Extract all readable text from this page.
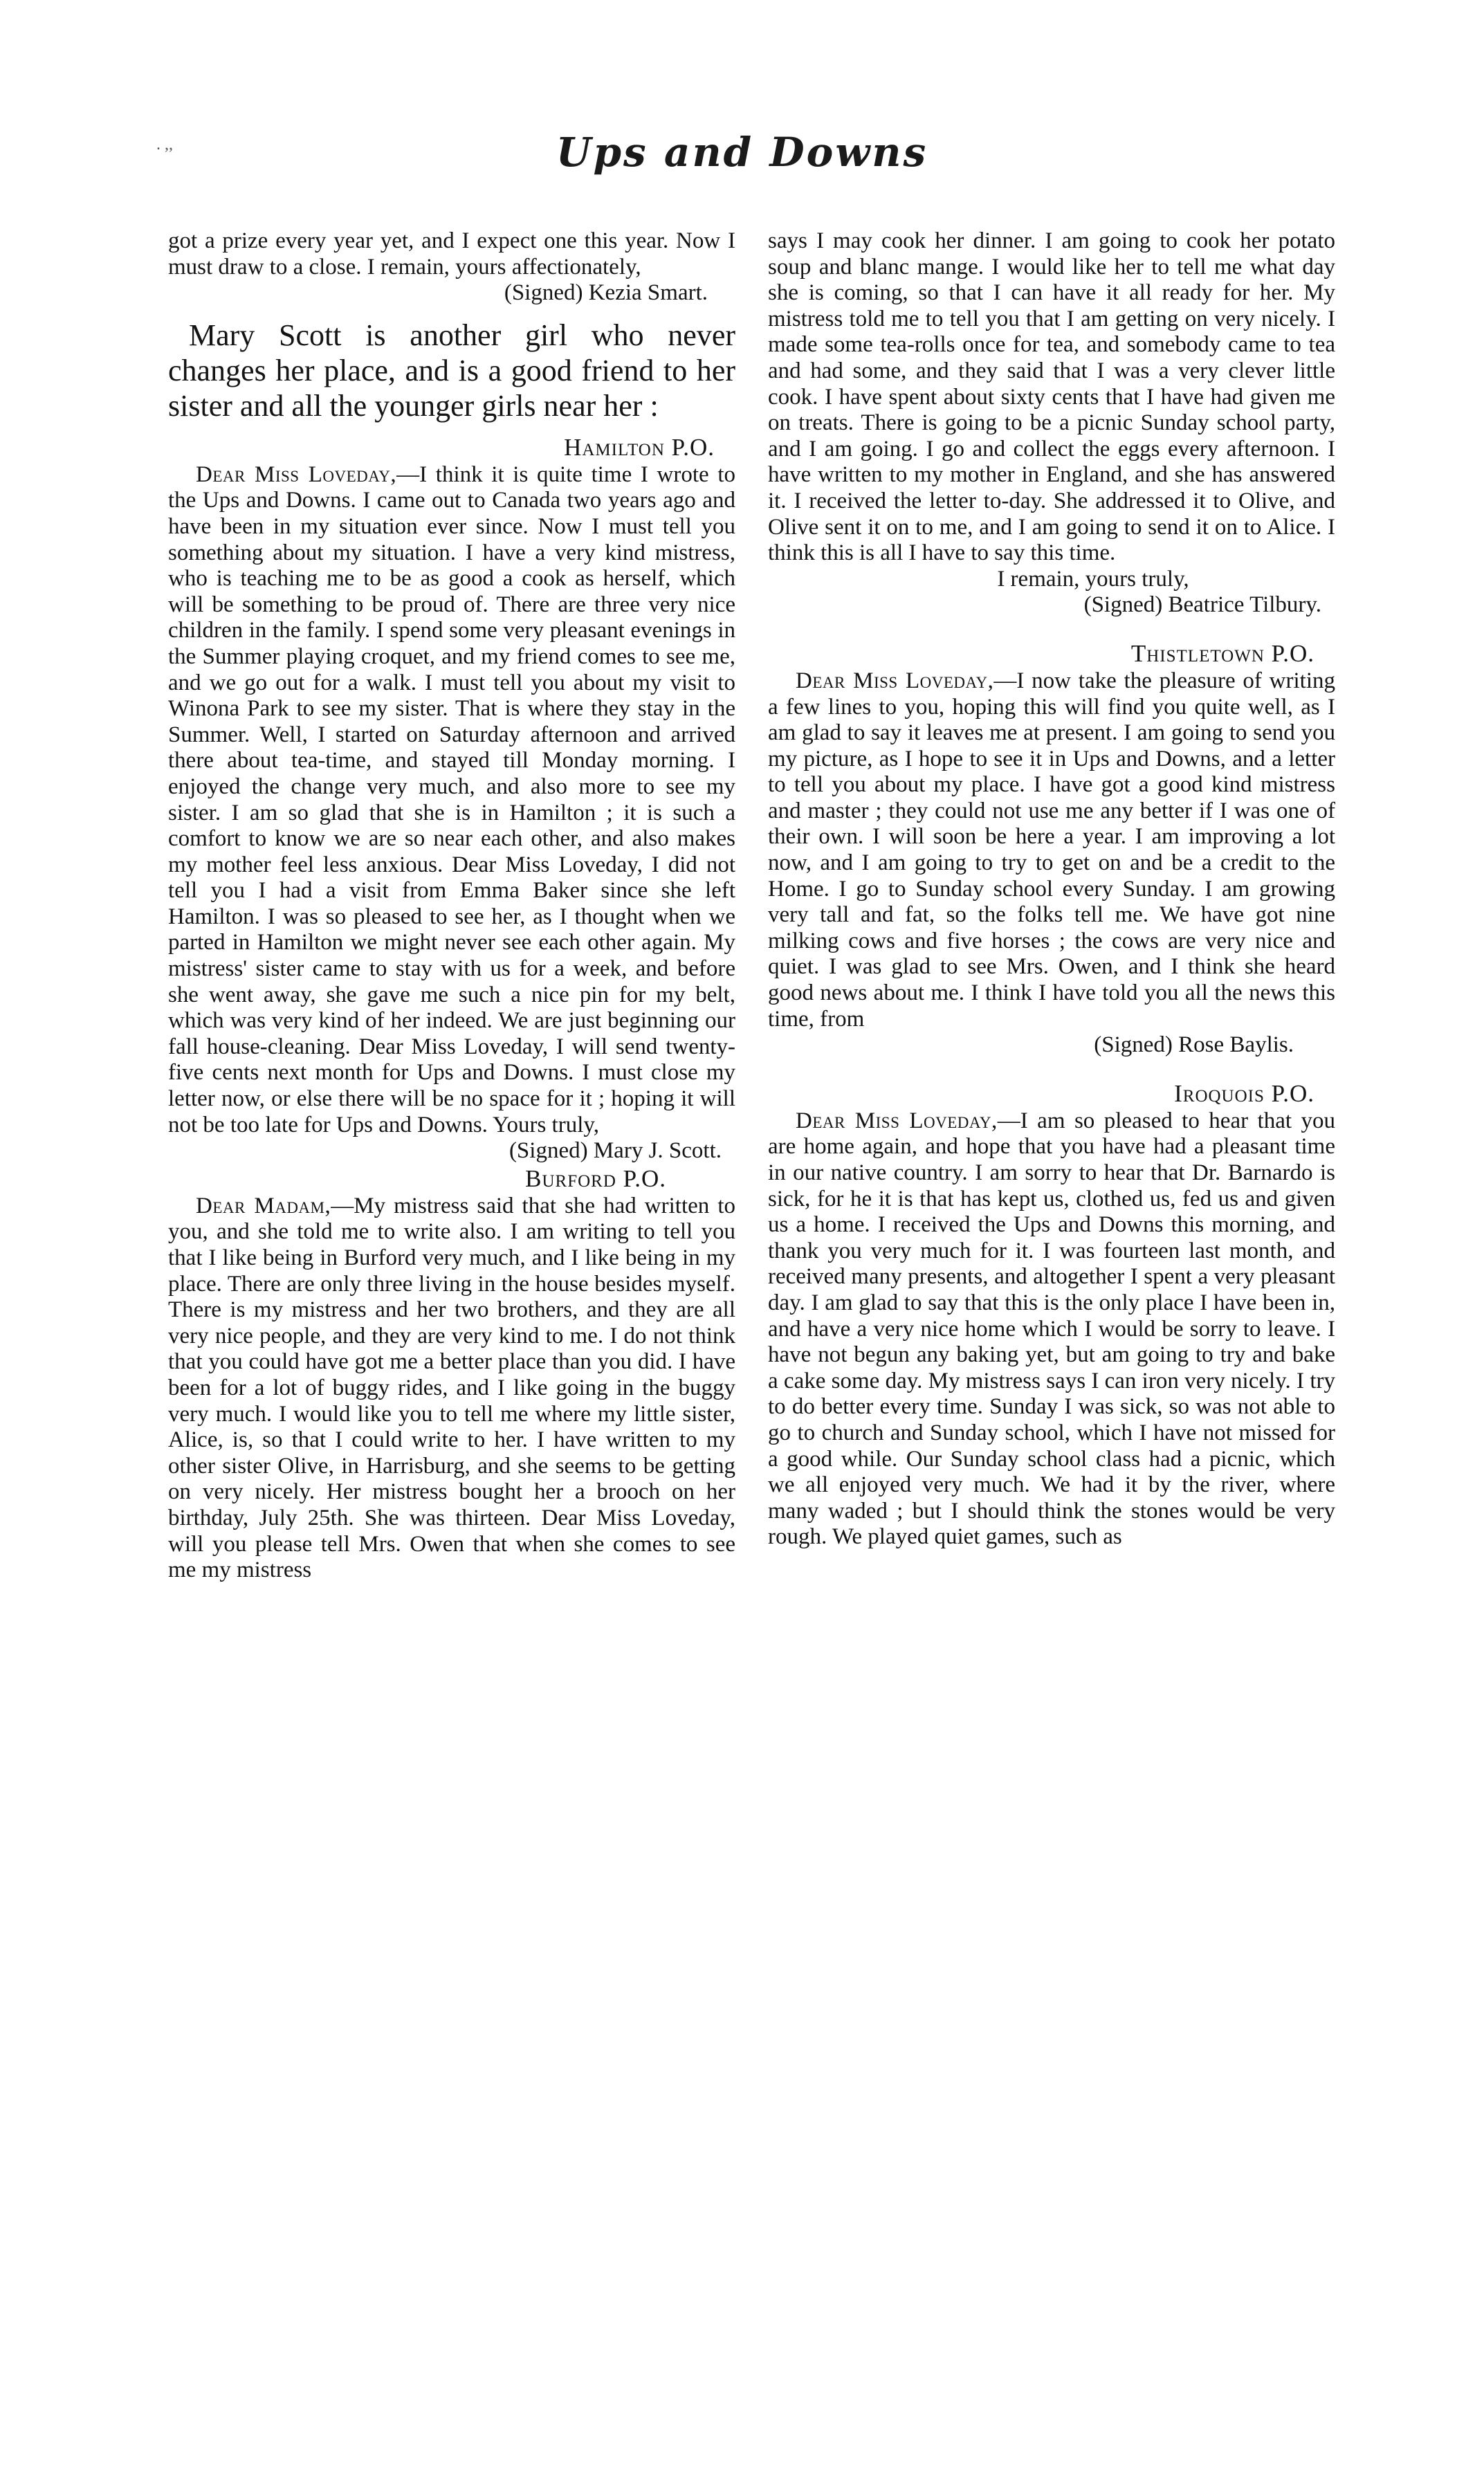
. ,,	Ups and Downs

got a prize every year yet, and I expect one this year. Now I must draw to a close. I remain, yours affectionately,

(Signed) Kezia Smart.

Mary Scott is another girl who never changes her place, and is a good friend to her sister and all the younger girls near her :

Hamilton P.O.

Dear Miss Loveday,—I think it is quite time I wrote to the Ups and Downs. I came out to Canada two years ago and have been in my situation ever since. Now I must tell you something about my situation. I have a very kind mistress, who is teaching me to be as good a cook as herself, which will be something to be proud of. There are three very nice children in the family. I spend some very pleasant evenings in the Summer playing croquet, and my friend comes to see me, and we go out for a walk. I must tell you about my visit to Winona Park to see my sister. That is where they stay in the Summer. Well, I started on Saturday afternoon and arrived there about tea-time, and stayed till Monday morning. I enjoyed the change very much, and also more to see my sister. I am so glad that she is in Hamilton ; it is such a comfort to know we are so near each other, and also makes my mother feel less anxious. Dear Miss Loveday, I did not tell you I had a visit from Emma Baker since she left Hamilton. I was so pleased to see her, as I thought when we parted in Hamilton we might never see each other again. My mistress' sister came to stay with us for a week, and before she went away, she gave me such a nice pin for my belt, which was very kind of her indeed. We are just beginning our fall house-cleaning. Dear Miss Loveday, I will send twenty-five cents next month for Ups and Downs. I must close my letter now, or else there will be no space for it ; hoping it will not be too late for Ups and Downs. Yours truly,

(Signed) Mary J. Scott.

Burford P.O.

Dear Madam,—My mistress said that she had written to you, and she told me to write also. I am writing to tell you that I like being in Burford very much, and I like being in my place. There are only three living in the house besides myself. There is my mistress and her two brothers, and they are all very nice people, and they are very kind to me. I do not think that you could have got me a better place than you did. I have been for a lot of buggy rides, and I like going in the buggy very much. I would like you to tell me where my little sister, Alice, is, so that I could write to her. I have written to my other sister Olive, in Harrisburg, and she seems to be getting on very nicely. Her mistress bought her a brooch on her birthday, July 25th. She was thirteen. Dear Miss Loveday, will you please tell Mrs. Owen that when she comes to see me my mistress

says I may cook her dinner. I am going to cook her potato soup and blanc mange. I would like her to tell me what day she is coming, so that I can have it all ready for her. My mistress told me to tell you that I am getting on very nicely. I made some tea-rolls once for tea, and somebody came to tea and had some, and they said that I was a very clever little cook. I have spent about sixty cents that I have had given me on treats. There is going to be a picnic Sunday school party, and I am going. I go and collect the eggs every afternoon. I have written to my mother in England, and she has answered it. I received the letter to-day. She addressed it to Olive, and Olive sent it on to me, and I am going to send it on to Alice. I think this is all I have to say this time.

I remain, yours truly,

(Signed) Beatrice Tilbury.

Thistletown P.O.

Dear Miss Loveday,—I now take the pleasure of writing a few lines to you, hoping this will find you quite well, as I am glad to say it leaves me at present. I am going to send you my picture, as I hope to see it in Ups and Downs, and a letter to tell you about my place. I have got a good kind mistress and master ; they could not use me any better if I was one of their own. I will soon be here a year. I am improving a lot now, and I am going to try to get on and be a credit to the Home. I go to Sunday school every Sunday. I am growing very tall and fat, so the folks tell me. We have got nine milking cows and five horses ; the cows are very nice and quiet. I was glad to see Mrs. Owen, and I think she heard good news about me. I think I have told you all the news this time, from

(Signed) Rose Baylis.

Iroquois P.O.

Dear Miss Loveday,—I am so pleased to hear that you are home again, and hope that you have had a pleasant time in our native country. I am sorry to hear that Dr. Barnardo is sick, for he it is that has kept us, clothed us, fed us and given us a home. I received the Ups and Downs this morning, and thank you very much for it. I was fourteen last month, and received many presents, and altogether I spent a very pleasant day. I am glad to say that this is the only place I have been in, and have a very nice home which I would be sorry to leave. I have not begun any baking yet, but am going to try and bake a cake some day. My mistress says I can iron very nicely. I try to do better every time. Sunday I was sick, so was not able to go to church and Sunday school, which I have not missed for a good while. Our Sunday school class had a picnic, which we all enjoyed very much. We had it by the river, where many waded ; but I should think the stones would be very rough. We played quiet games, such as
